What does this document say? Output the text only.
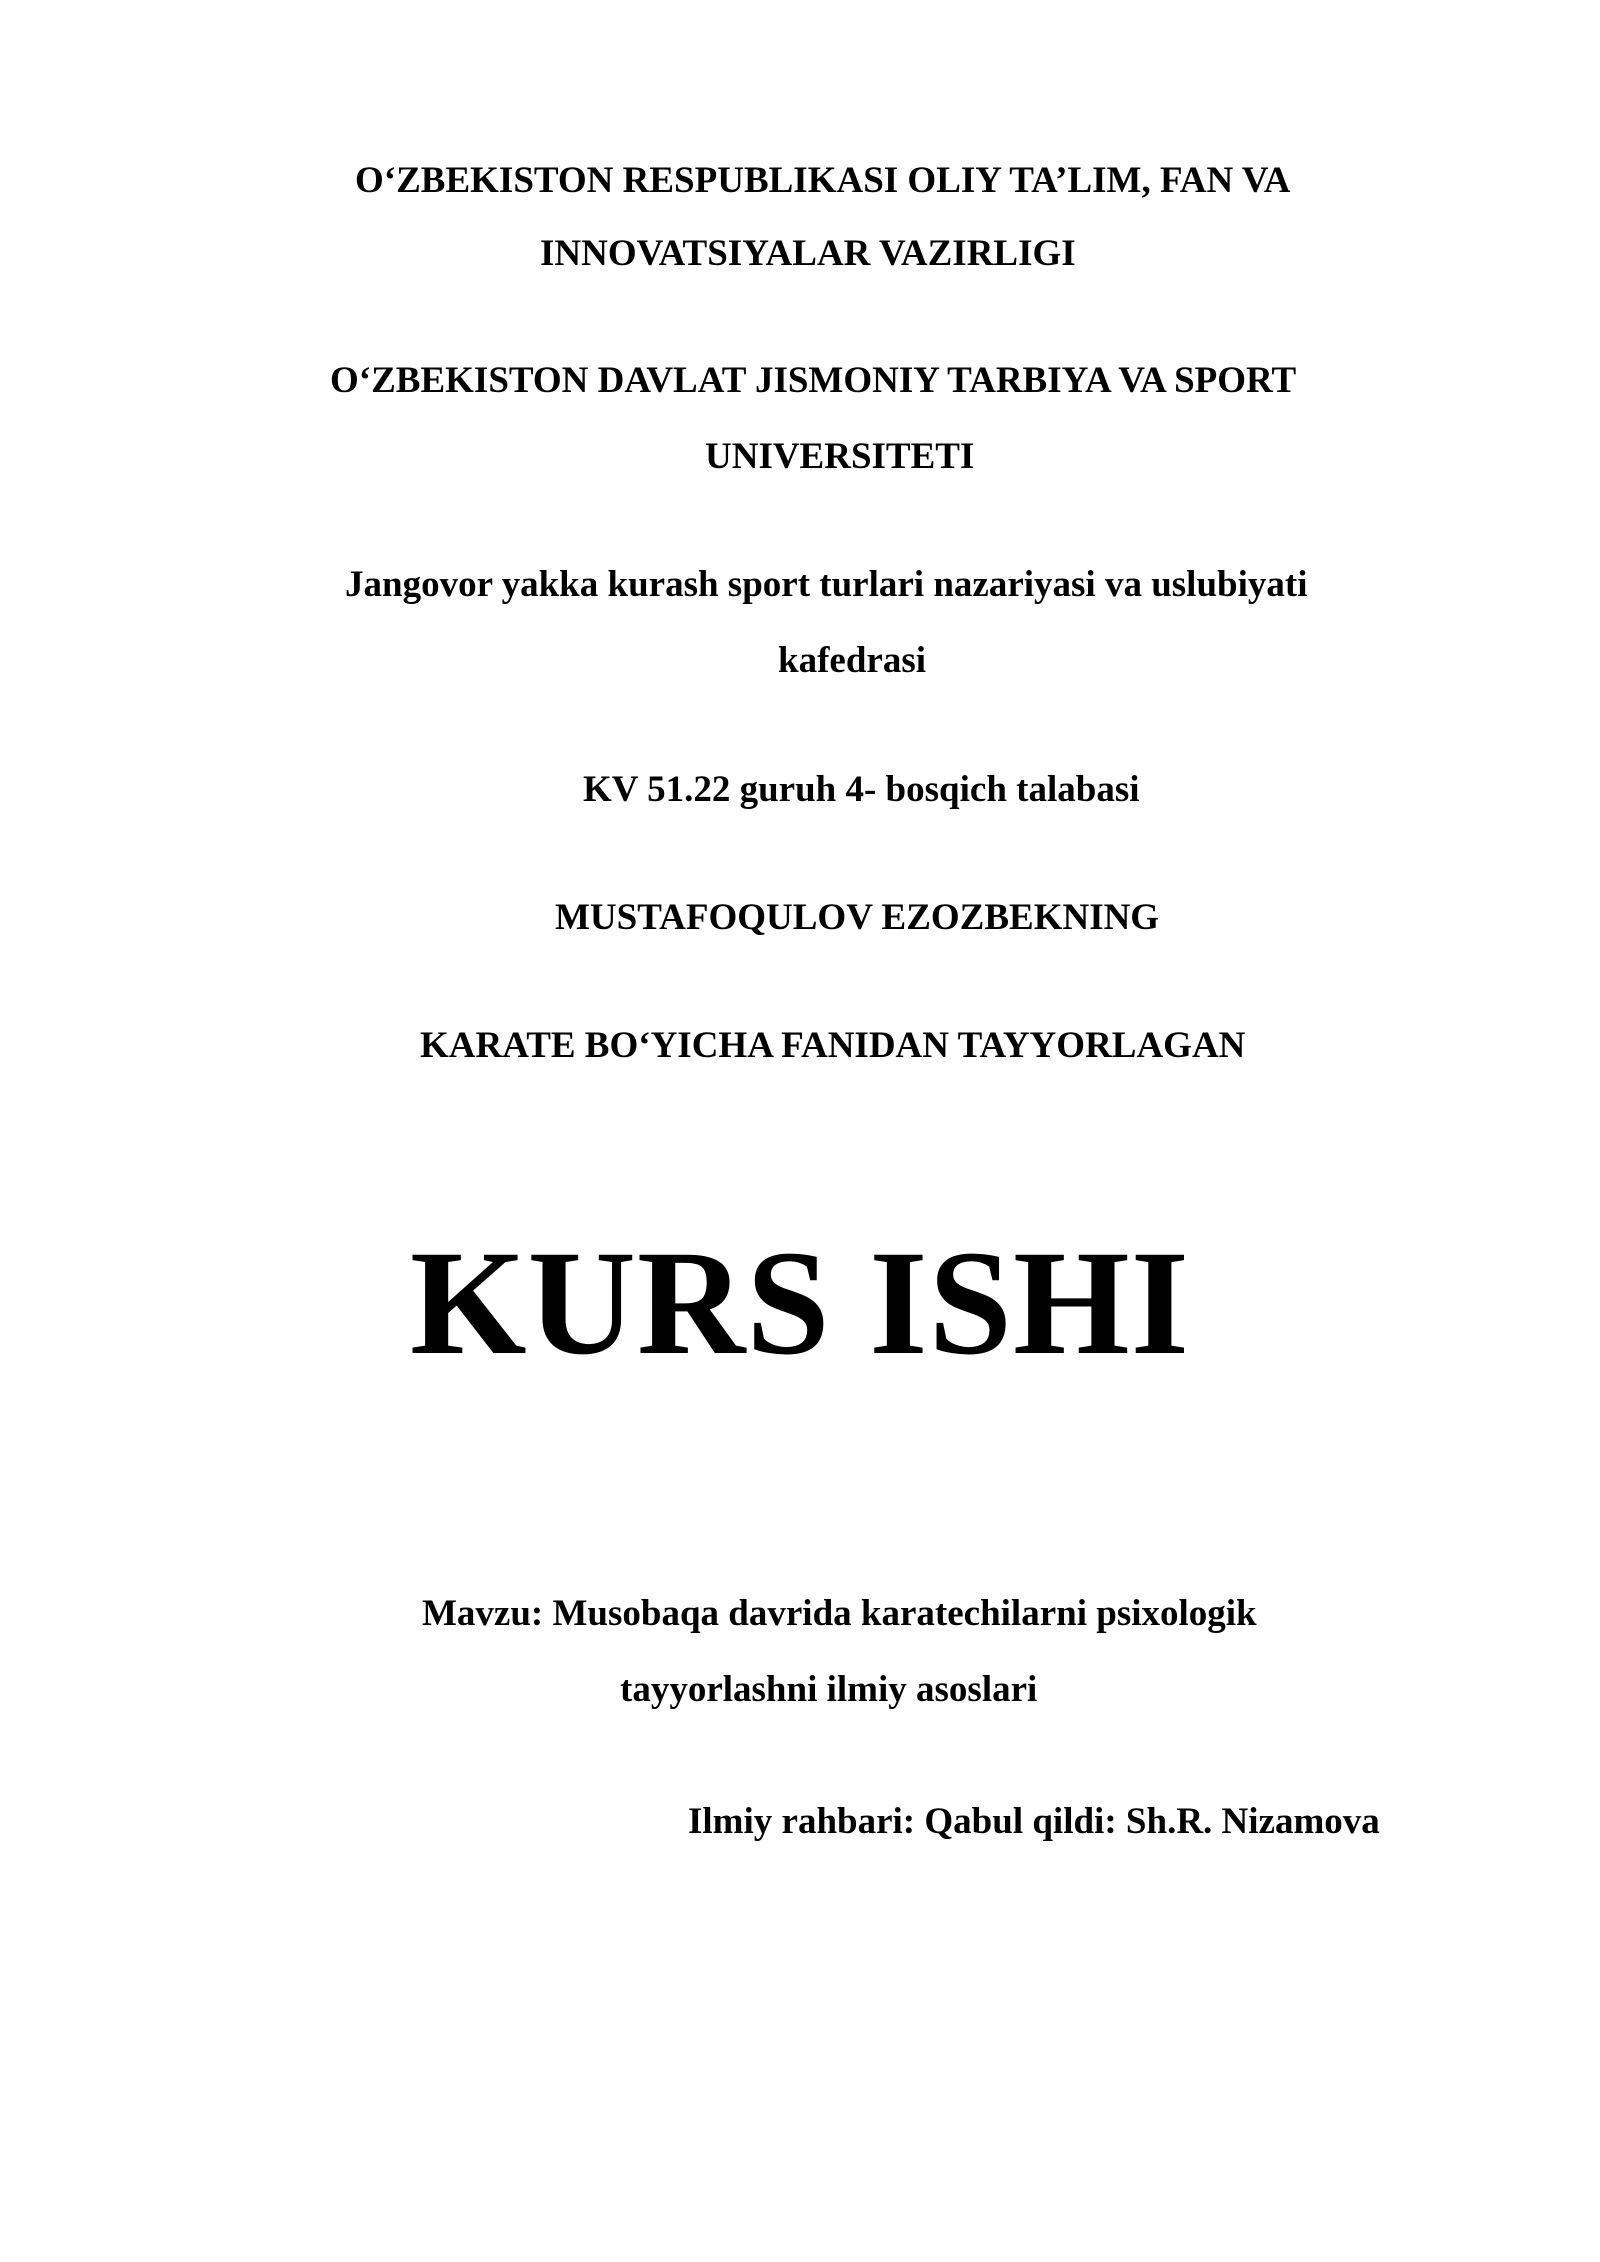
O‘ZBEKISTON RESPUBLIKASI OLIY TA’LIM, FAN VA
INNOVATSIYALAR VAZIRLIGI
O‘ZBEKISTON DAVLAT JISMONIY TARBIYA VA SPORT
UNIVERSITETI
Jangovor yakka kurash sport turlari nazariyasi va uslubiyati
kafedrasi
KV 51.22 guruh 4- bosqich talabasi
MUSTAFOQULOV EZOZBEKNING
KARATE BO‘YICHA FANIDAN TAYYORLAGAN
KURS ISHI
Mavzu: Musobaqa davrida karatechilarni psixologik
tayyorlashni ilmiy asoslari
Ilmiy rahbari: Qabul qildi: Sh.R. Nizamova
